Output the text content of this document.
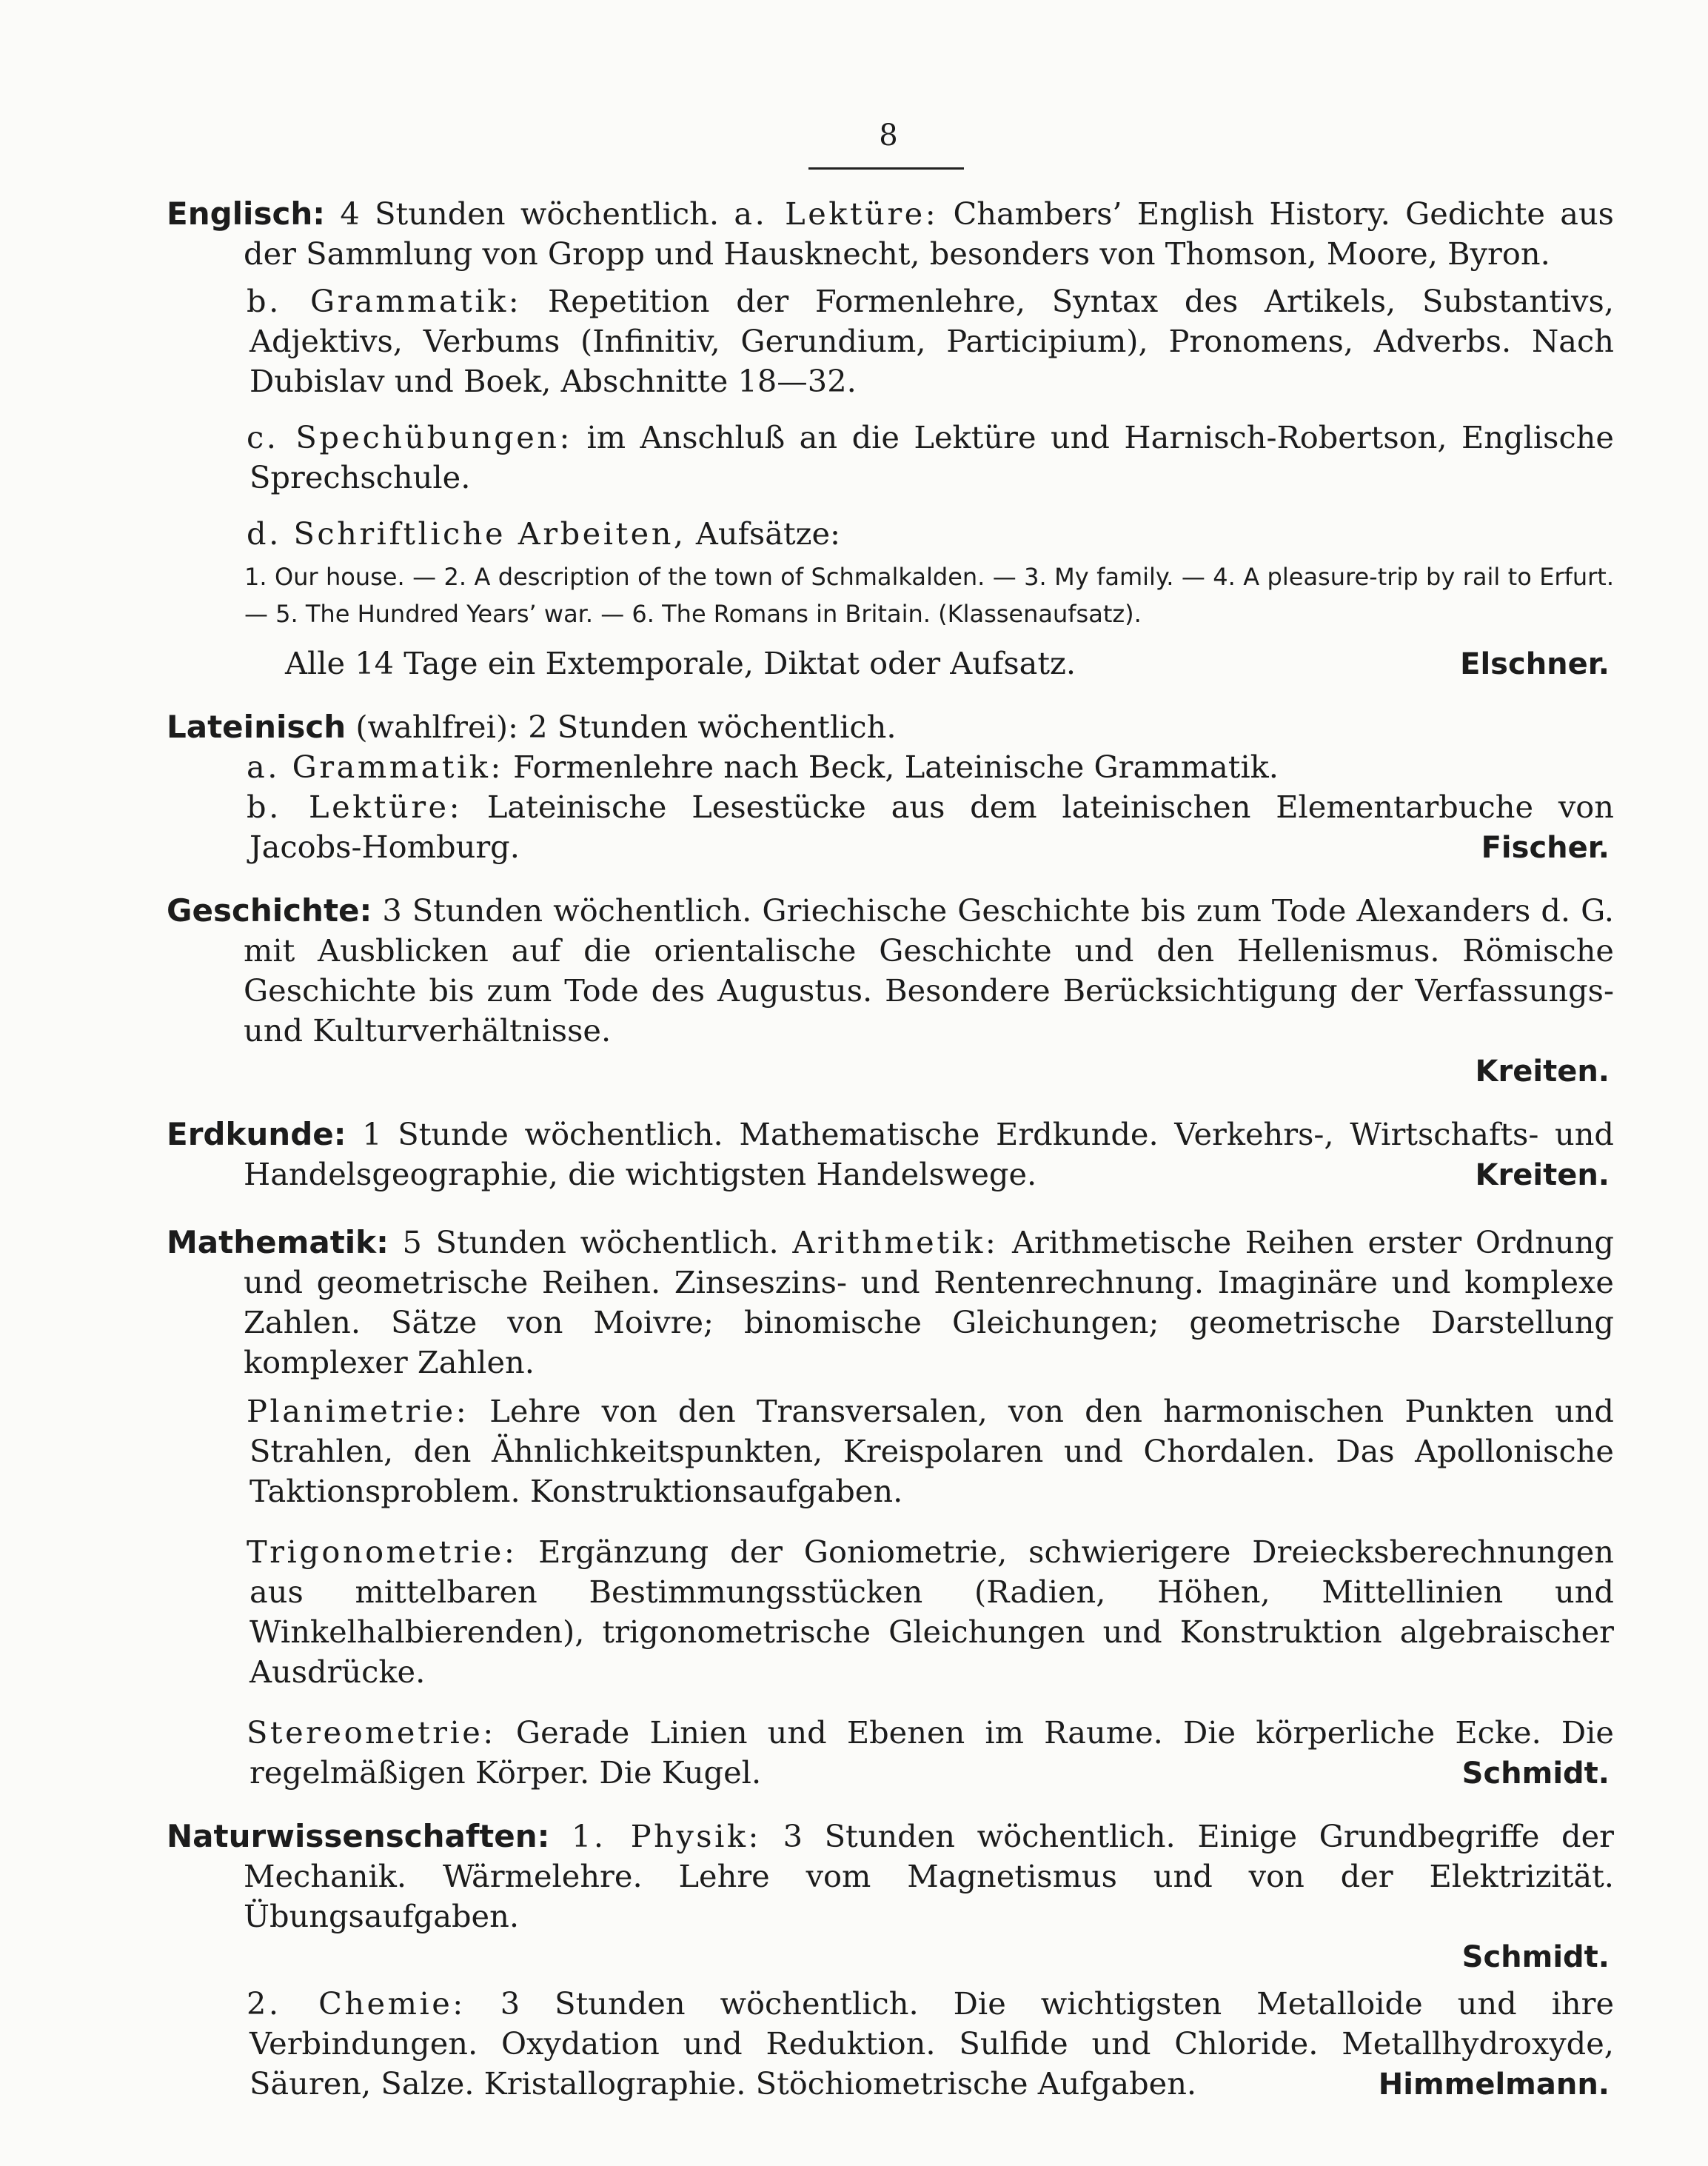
8

Englisch: 4 Stunden wöchentlich. a. Lektüre: Chambers’ English History. Gedichte aus der Sammlung von Gropp und Hausknecht, besonders von Thomson, Moore, Byron.

b. Grammatik: Repetition der Formenlehre, Syntax des Artikels, Substantivs, Adjektivs, Verbums (Infinitiv, Gerundium, Participium), Pronomens, Adverbs. Nach Dubislav und Boek, Abschnitte 18—32.

c. Spechübungen: im Anschluß an die Lektüre und Harnisch-Robertson, Englische Sprechschule.

d. Schriftliche Arbeiten, Aufsätze:

1. Our house. — 2. A description of the town of Schmalkalden. — 3. My family. — 4. A pleasure-trip by rail to Erfurt. — 5. The Hundred Years’ war. — 6. The Romans in Britain. (Klassenaufsatz).
Alle 14 Tage ein Extemporale, Diktat oder Aufsatz.	Elschner.

Lateinisch (wahlfrei): 2 Stunden wöchentlich.

a. Grammatik: Formenlehre nach Beck, Lateinische Grammatik.

b. Lektüre: Lateinische Lesestücke aus dem lateinischen Elementarbuche von Jacobs-Homburg.	Fischer.

Geschichte: 3 Stunden wöchentlich. Griechische Geschichte bis zum Tode Alexanders d. G. mit Ausblicken auf die orientalische Geschichte und den Hellenismus. Römische Geschichte bis zum Tode des Augustus. Besondere Berücksichtigung der Verfassungs- und Kulturverhältnisse.

Kreiten.

Erdkunde: 1 Stunde wöchentlich. Mathematische Erdkunde. Verkehrs-, Wirtschafts- und Handelsgeographie, die wichtigsten Handelswege.	Kreiten.

Mathematik: 5 Stunden wöchentlich. Arithmetik: Arithmetische Reihen erster Ordnung und geometrische Reihen. Zinseszins- und Rentenrechnung. Imaginäre und komplexe Zahlen. Sätze von Moivre; binomische Gleichungen; geometrische Darstellung komplexer Zahlen.

Planimetrie: Lehre von den Transversalen, von den harmonischen Punkten und Strahlen, den Ähnlichkeitspunkten, Kreispolaren und Chordalen. Das Apollonische Taktionsproblem. Konstruktionsaufgaben.

Trigonometrie: Ergänzung der Goniometrie, schwierigere Dreiecksberechnungen aus mittelbaren Bestimmungsstücken (Radien, Höhen, Mittellinien und Winkelhalbierenden), trigonometrische Gleichungen und Konstruktion algebraischer Ausdrücke.

Stereometrie: Gerade Linien und Ebenen im Raume. Die körperliche Ecke. Die regelmäßigen Körper. Die Kugel.	Schmidt.

Naturwissenschaften: 1. Physik: 3 Stunden wöchentlich. Einige Grundbegriffe der Mechanik. Wärmelehre. Lehre vom Magnetismus und von der Elektrizität. Übungsaufgaben.

Schmidt.

2. Chemie: 3 Stunden wöchentlich. Die wichtigsten Metalloide und ihre Verbindungen. Oxydation und Reduktion. Sulfide und Chloride. Metallhydroxyde, Säuren, Salze. Kristallographie. Stöchiometrische Aufgaben.	Himmelmann.
